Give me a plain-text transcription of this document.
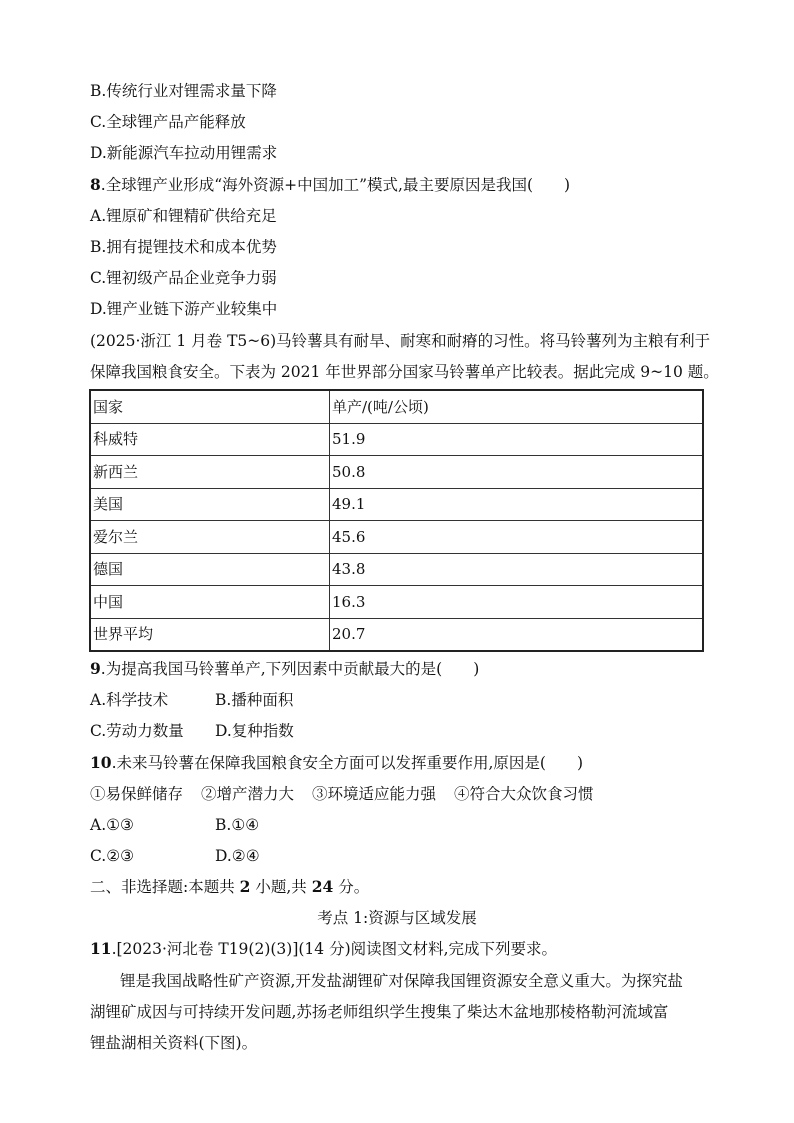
B.传统行业对锂需求量下降
C.全球锂产品产能释放
D.新能源汽车拉动用锂需求
8.全球锂产业形成“海外资源+中国加工”模式,最主要原因是我国(　　)
A.锂原矿和锂精矿供给充足
B.拥有提锂技术和成本优势
C.锂初级产品企业竞争力弱
D.锂产业链下游产业较集中
(2025·浙江 1 月卷 T5~6)马铃薯具有耐旱、耐寒和耐瘠的习性。将马铃薯列为主粮有利于
保障我国粮食安全。下表为 2021 年世界部分国家马铃薯单产比较表。据此完成 9~10 题。
国家	单产/(吨/公顷)
科威特	51.9
新西兰	50.8
美国	49.1
爱尔兰	45.6
德国	43.8
中国	16.3
世界平均	20.7
9.为提高我国马铃薯单产,下列因素中贡献最大的是(　　)
A.科学技术	B.播种面积
C.劳动力数量 D.复种指数
10.未来马铃薯在保障我国粮食安全方面可以发挥重要作用,原因是(　　)
①易保鲜储存 ②增产潜力大 ③环境适应能力强 ④符合大众饮食习惯
A.①③	B.①④
C.②③	D.②④
二、非选择题:本题共 2 小题,共 24 分。
考点 1:资源与区域发展
11.[2023·河北卷 T19(2)(3)](14 分)阅读图文材料,完成下列要求。
锂是我国战略性矿产资源,开发盐湖锂矿对保障我国锂资源安全意义重大。为探究盐
湖锂矿成因与可持续开发问题,苏扬老师组织学生搜集了柴达木盆地那棱格勒河流域富
锂盐湖相关资料(下图)。
